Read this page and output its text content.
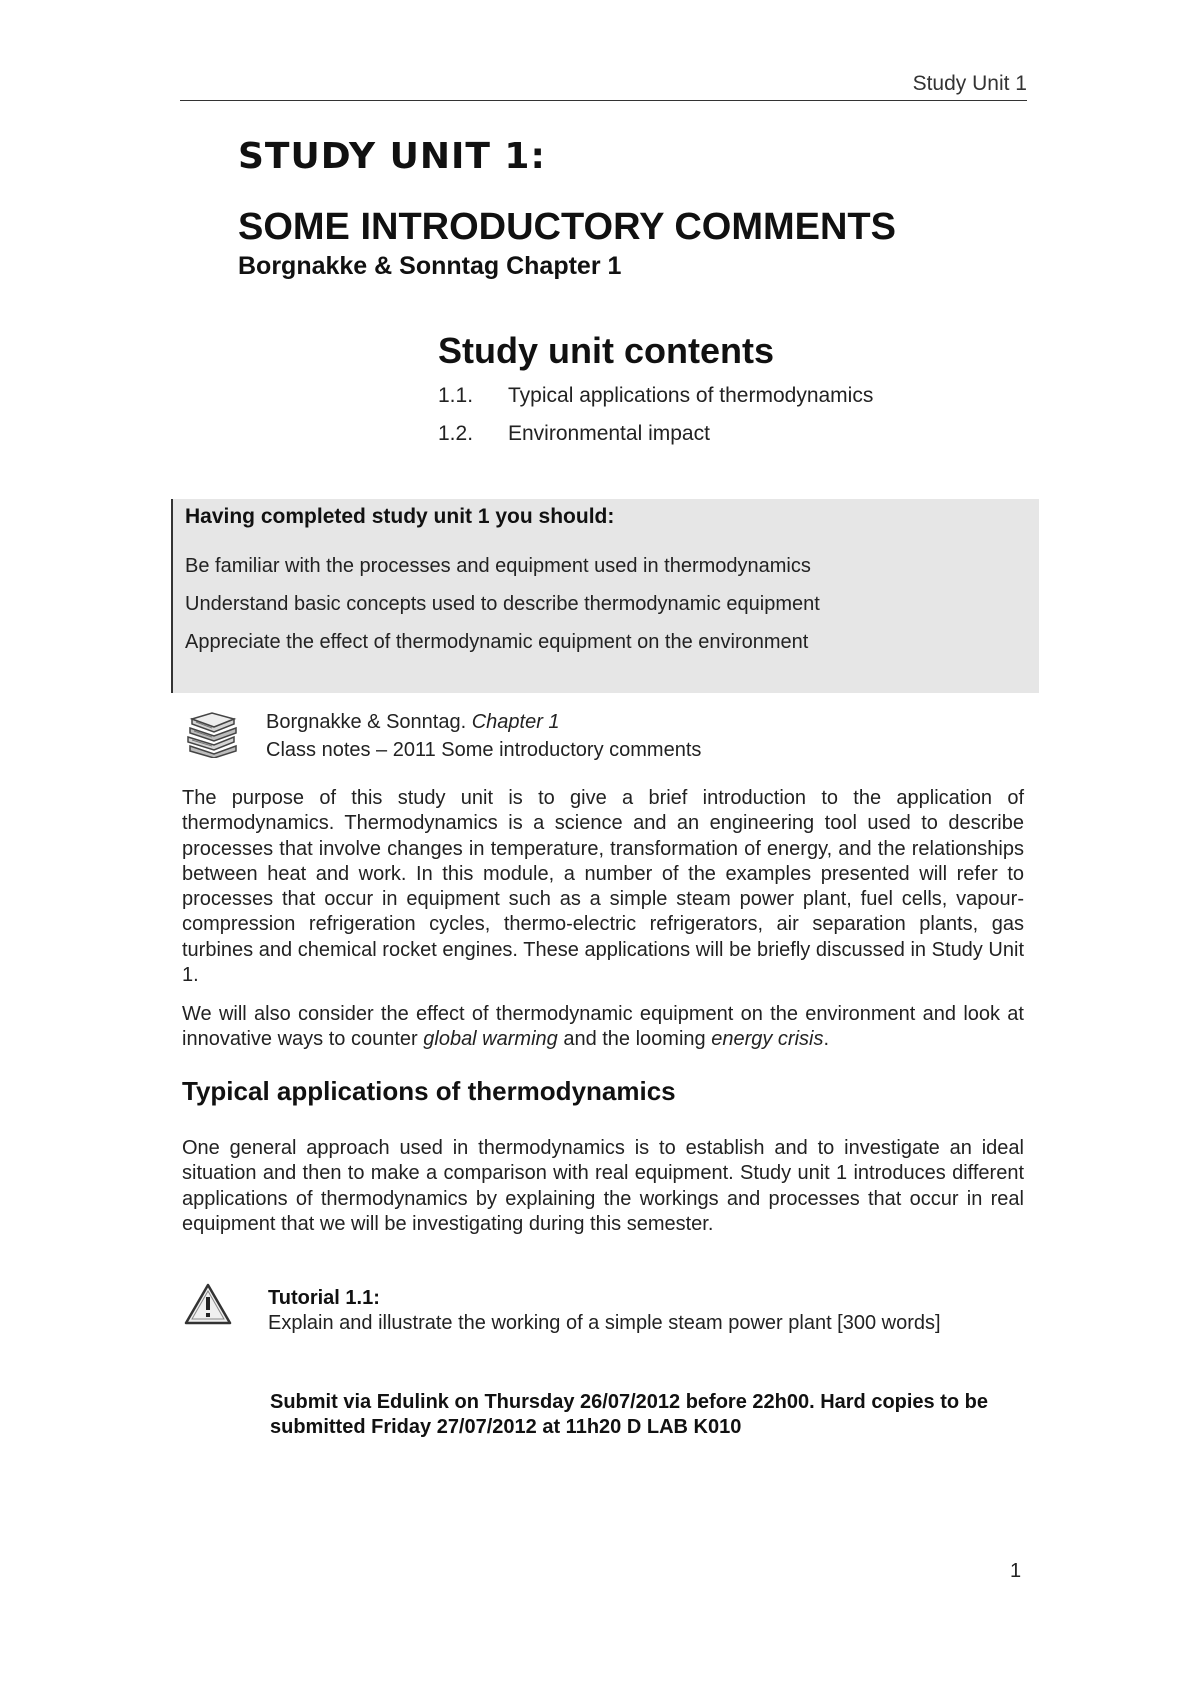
Study Unit 1
STUDY UNIT 1:
SOME INTRODUCTORY COMMENTS
Borgnakke & Sonntag Chapter 1
Study unit contents
1.1. Typical applications of thermodynamics
1.2. Environmental impact
Having completed study unit 1 you should:
Be familiar with the processes and equipment used in thermodynamics
Understand basic concepts used to describe thermodynamic equipment
Appreciate the effect of thermodynamic equipment on the environment
Borgnakke & Sonntag. Chapter 1
Class notes – 2011 Some introductory comments
The purpose of this study unit is to give a brief introduction to the application of thermodynamics. Thermodynamics is a science and an engineering tool used to describe processes that involve changes in temperature, transformation of energy, and the relationships between heat and work. In this module, a number of the examples presented will refer to processes that occur in equipment such as a simple steam power plant, fuel cells, vapour-compression refrigeration cycles, thermo-electric refrigerators, air separation plants, gas turbines and chemical rocket engines. These applications will be briefly discussed in Study Unit 1.
We will also consider the effect of thermodynamic equipment on the environment and look at innovative ways to counter global warming and the looming energy crisis.
Typical applications of thermodynamics
One general approach used in thermodynamics is to establish and to investigate an ideal situation and then to make a comparison with real equipment. Study unit 1 introduces different applications of thermodynamics by explaining the workings and processes that occur in real equipment that we will be investigating during this semester.
Tutorial 1.1:
Explain and illustrate the working of a simple steam power plant [300 words]
Submit via Edulink on Thursday 26/07/2012 before 22h00. Hard copies to be submitted Friday 27/07/2012 at 11h20 D LAB K010
1
